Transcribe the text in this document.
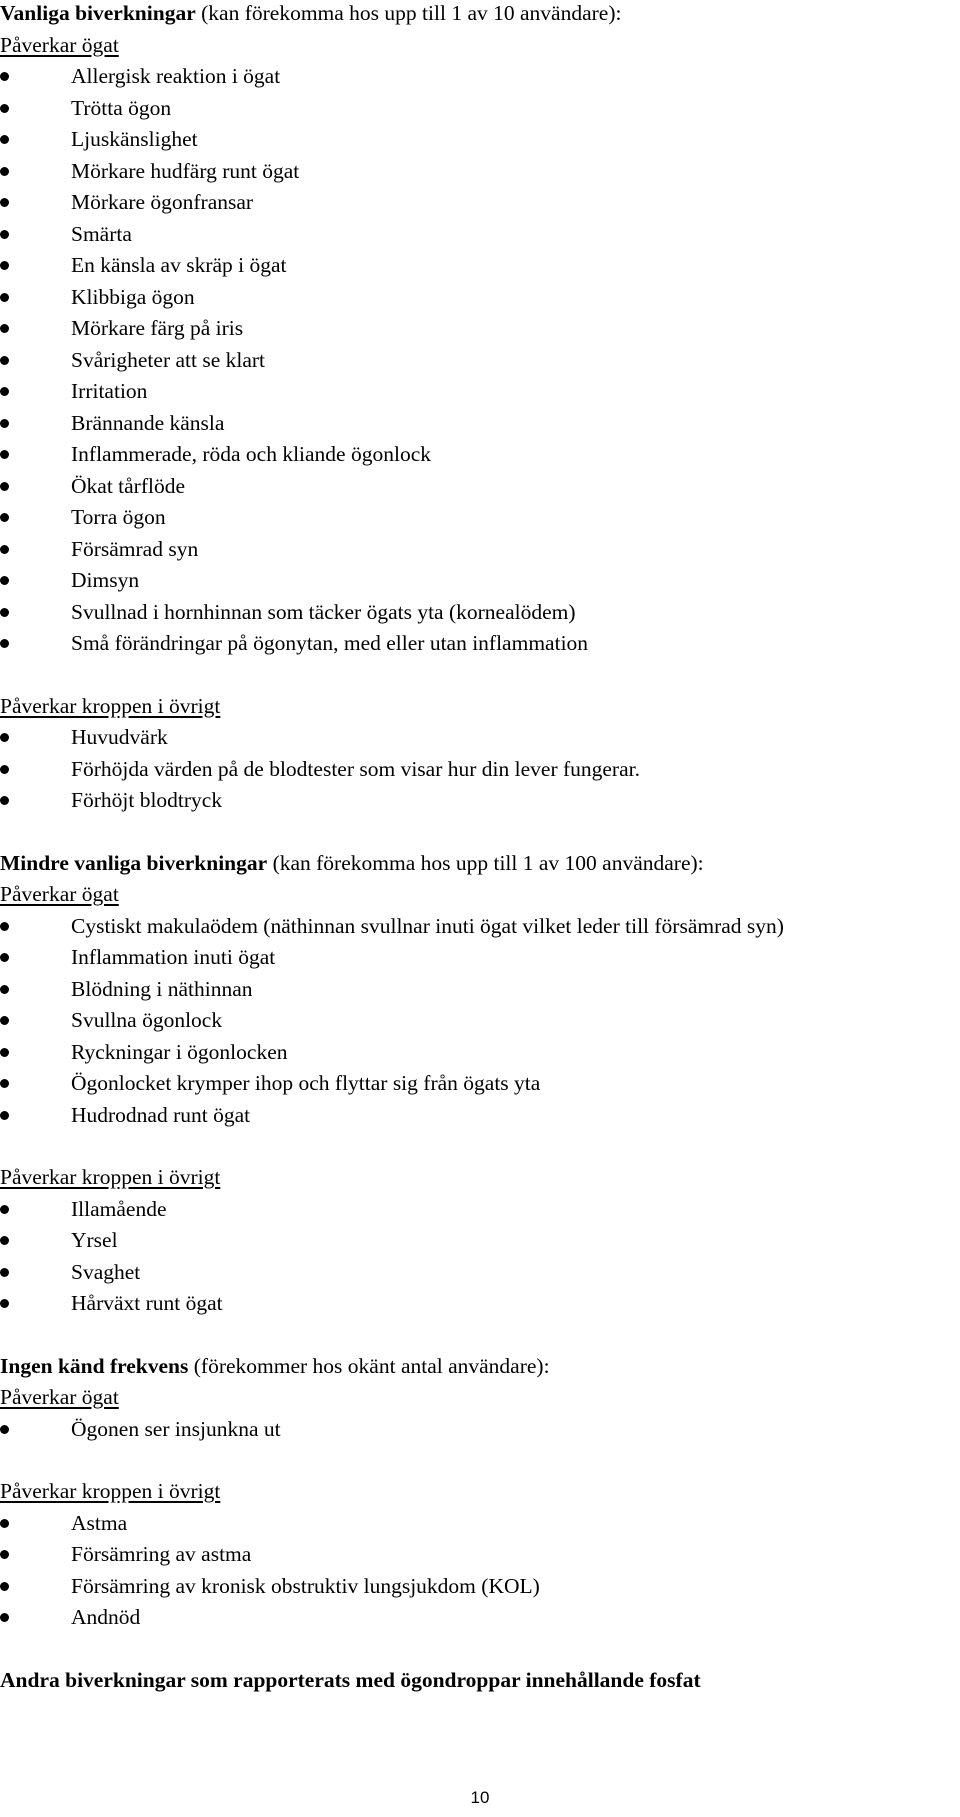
Vanliga biverkningar (kan förekomma hos upp till 1 av 10 användare):
Påverkar ögat
Allergisk reaktion i ögat
Trötta ögon
Ljuskänslighet
Mörkare hudfärg runt ögat
Mörkare ögonfransar
Smärta
En känsla av skräp i ögat
Klibbiga ögon
Mörkare färg på iris
Svårigheter att se klart
Irritation
Brännande känsla
Inflammerade, röda och kliande ögonlock
Ökat tårflöde
Torra ögon
Försämrad syn
Dimsyn
Svullnad i hornhinnan som täcker ögats yta (kornealödem)
Små förändringar på ögonytan, med eller utan inflammation
Påverkar kroppen i övrigt
Huvudvärk
Förhöjda värden på de blodtester som visar hur din lever fungerar.
Förhöjt blodtryck
Mindre vanliga biverkningar (kan förekomma hos upp till 1 av 100 användare):
Påverkar ögat
Cystiskt makulaödem (näthinnan svullnar inuti ögat vilket leder till försämrad syn)
Inflammation inuti ögat
Blödning i näthinnan
Svullna ögonlock
Ryckningar i ögonlocken
Ögonlocket krymper ihop och flyttar sig från ögats yta
Hudrodnad runt ögat
Påverkar kroppen i övrigt
Illamående
Yrsel
Svaghet
Hårväxt runt ögat
Ingen känd frekvens (förekommer hos okänt antal användare):
Påverkar ögat
Ögonen ser insjunkna ut
Påverkar kroppen i övrigt
Astma
Försämring av astma
Försämring av kronisk obstruktiv lungsjukdom (KOL)
Andnöd
Andra biverkningar som rapporterats med ögondroppar innehållande fosfat
10
